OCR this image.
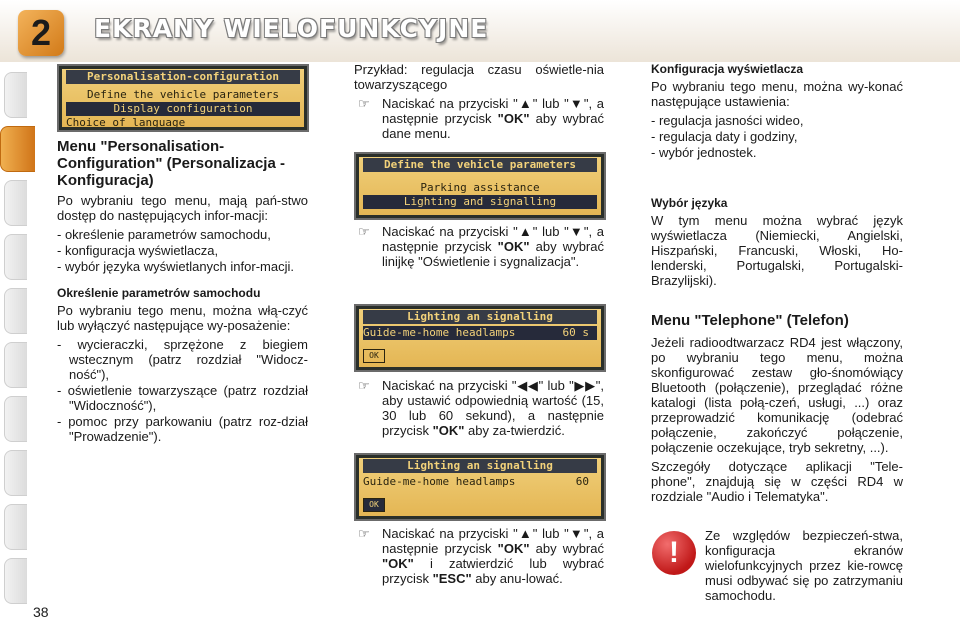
2	EKRANY WIELOFUNKCYJNE
Personalisation-configuration
Define the vehicle parameters
Display configuration
Choice of language
Menu "Personalisation-Configuration" (Personalizacja - Konfiguracja)

Po wybraniu tego menu, mają pań-stwo dostęp do następujących infor-macji:

- określenie parametrów samochodu,
- konfiguracja wyświetlacza,
- wybór języka wyświetlanych infor-macji.
Określenie parametrów samochodu

Po wybraniu tego menu, można włą-czyć lub wyłączyć następujące wy-posażenie:

- wycieraczki, sprzężone z biegiem wstecznym (patrz rozdział "Widocz-ność"),
- oświetlenie towarzyszące (patrz rozdział "Widoczność"),
- pomoc przy parkowaniu (patrz roz-dział "Prowadzenie").

Przykład: regulacja czasu oświetle-nia towarzyszącego

☞ Naciskać na przyciski "▲" lub "▼", a następnie przycisk "OK" aby wybrać dane menu.
Define the vehicle parameters
Parking assistance
Lighting and signalling
☞ Naciskać na przyciski "▲" lub "▼", a następnie przycisk "OK" aby wybrać linijkę "Oświetlenie i sygnalizacja".
Lighting an signalling
Guide-me-home headlamps	60 s
OK
☞ Naciskać na przyciski "◀◀" lub "▶▶", aby ustawić odpowiednią wartość (15, 30 lub 60 sekund), a następnie przycisk "OK" aby za-twierdzić.
Lighting an signalling
Guide-me-home headlamps	60
OK
☞ Naciskać na przyciski "▲" lub "▼", a następnie przycisk "OK" aby wybrać "OK" i zatwierdzić lub wybrać przycisk "ESC" aby anu-lować.
Konfiguracja wyświetlacza

Po wybraniu tego menu, można wy-konać następujące ustawienia:

- regulacja jasności wideo,
- regulacja daty i godziny,
- wybór jednostek.
Wybór języka

W tym menu można wybrać język wyświetlacza (Niemiecki, Angielski, Hiszpański, Francuski, Włoski, Ho-lenderski, Portugalski, Portugalski-Brazylijski).

Menu "Telephone" (Telefon)

Jeżeli radioodtwarzacz RD4 jest włączony, po wybraniu tego menu, można skonfigurować zestaw gło-śnomówiący Bluetooth (połączenie), przeglądać różne katalogi (lista połą-czeń, usługi, ...) oraz przeprowadzić komunikację (odebrać połączenie, zakończyć połączenie, połączenie oczekujące, tryb sekretny, ...).

Szczegóły dotyczące aplikacji "Tele-phone", znajdują się w części RD4 w rozdziale "Audio i Telematyka".

!

Ze względów bezpieczeń-stwa, konfiguracja ekranów wielofunkcyjnych przez kie-rowcę musi odbywać się po zatrzymaniu samochodu.

38
